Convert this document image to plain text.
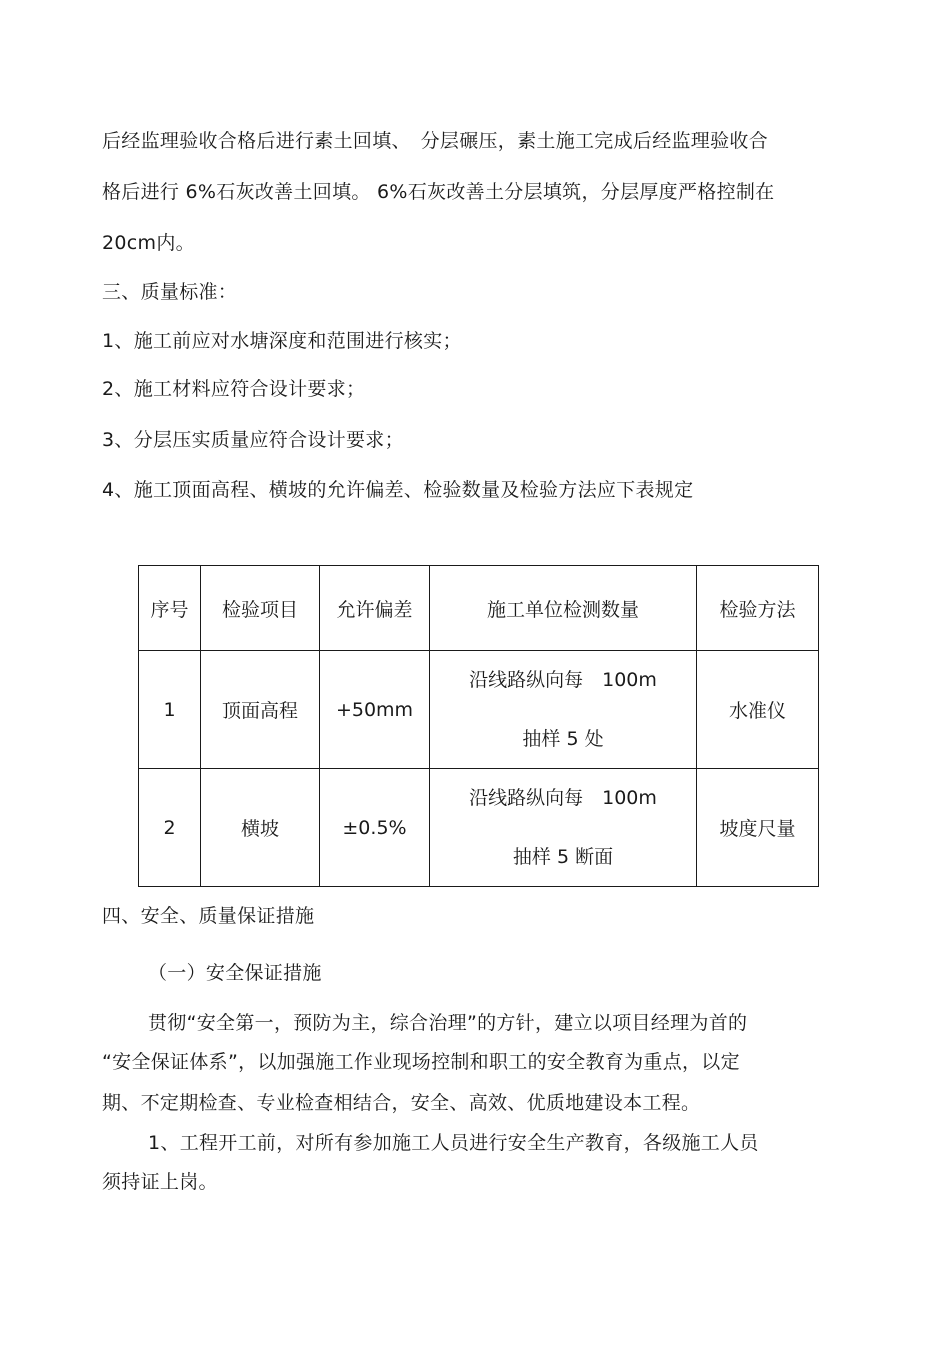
后经监理验收合格后进行素土回填、　分层碾压，素土施工完成后经监理验收合
格后进行 6%石灰改善土回填。 6%石灰改善土分层填筑，分层厚度严格控制在
20cm内。
三、质量标准：
1、施工前应对水塘深度和范围进行核实；
2、施工材料应符合设计要求；
3、分层压实质量应符合设计要求；
4、施工顶面高程、横坡的允许偏差、检验数量及检验方法应下表规定
序号	检验项目	允许偏差	施工单位检测数量	检验方法
1	顶面高程	+50mm	沿线路纵向每　100m
抽样 5 处	水准仪
2	横坡	±0.5%	沿线路纵向每　100m
抽样 5 断面	坡度尺量
四、安全、质量保证措施
（一）安全保证措施
贯彻“安全第一，预防为主，综合治理”的方针，建立以项目经理为首的
“安全保证体系”，以加强施工作业现场控制和职工的安全教育为重点，以定
期、不定期检查、专业检查相结合，安全、高效、优质地建设本工程。
1、工程开工前，对所有参加施工人员进行安全生产教育，各级施工人员
须持证上岗。
